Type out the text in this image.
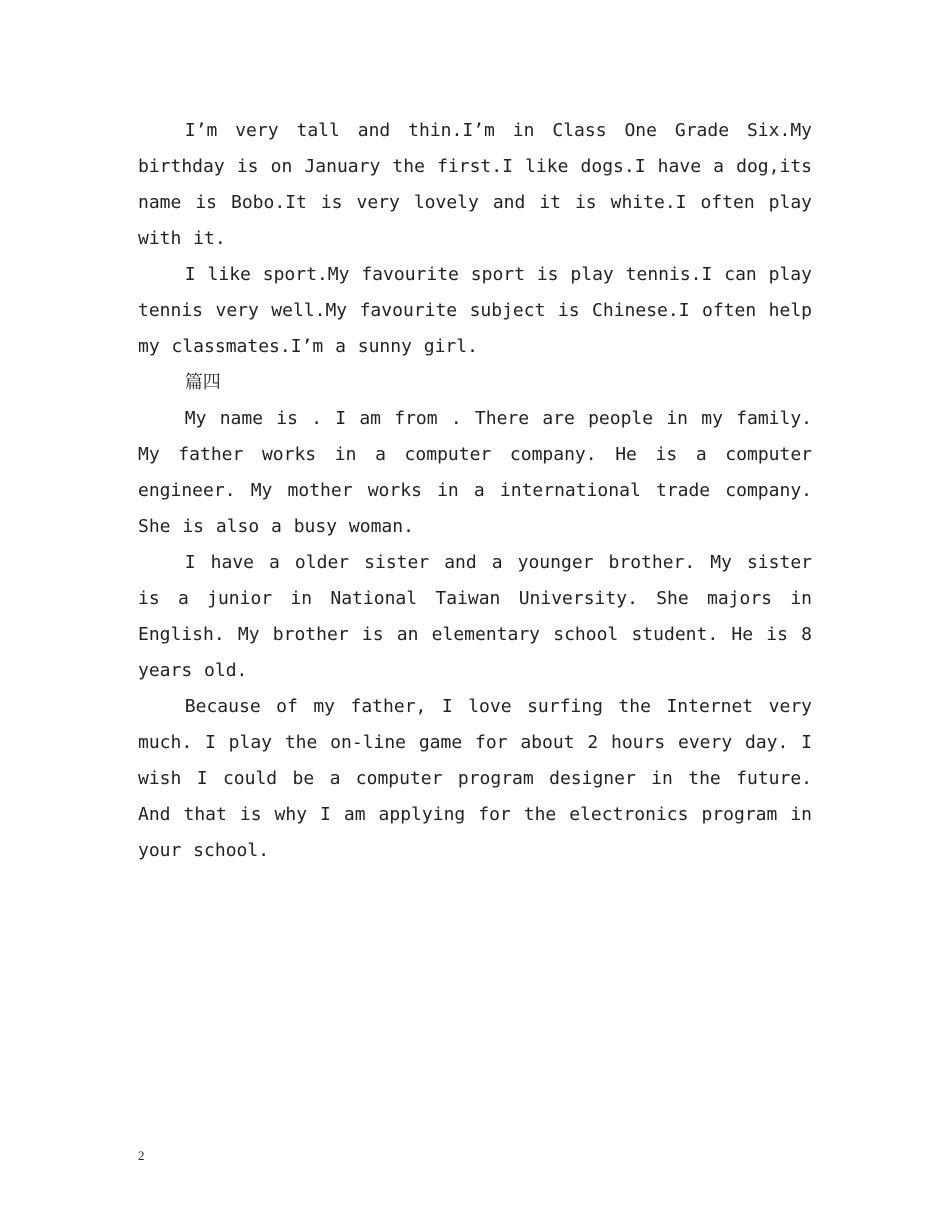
I’m very tall and thin.I’m in Class One Grade Six.My birthday is on January the first.I like dogs.I have a dog,its name is Bobo.It is very lovely and it is white.I often play with it.

I like sport.My favourite sport is play tennis.I can play tennis very well.My favourite subject is Chinese.I often help my classmates.I’m a sunny girl.

篇四

My name is . I am from . There are people in my family. My father works in a computer company. He is a computer engineer. My mother works in a international trade company. She is also a busy woman.

I have a older sister and a younger brother. My sister is a junior in National Taiwan University. She majors in English. My brother is an elementary school student. He is 8 years old.

Because of my father, I love surfing the Internet very much. I play the on-line game for about 2 hours every day. I wish I could be a computer program designer in the future. And that is why I am applying for the electronics program in your school.

2
